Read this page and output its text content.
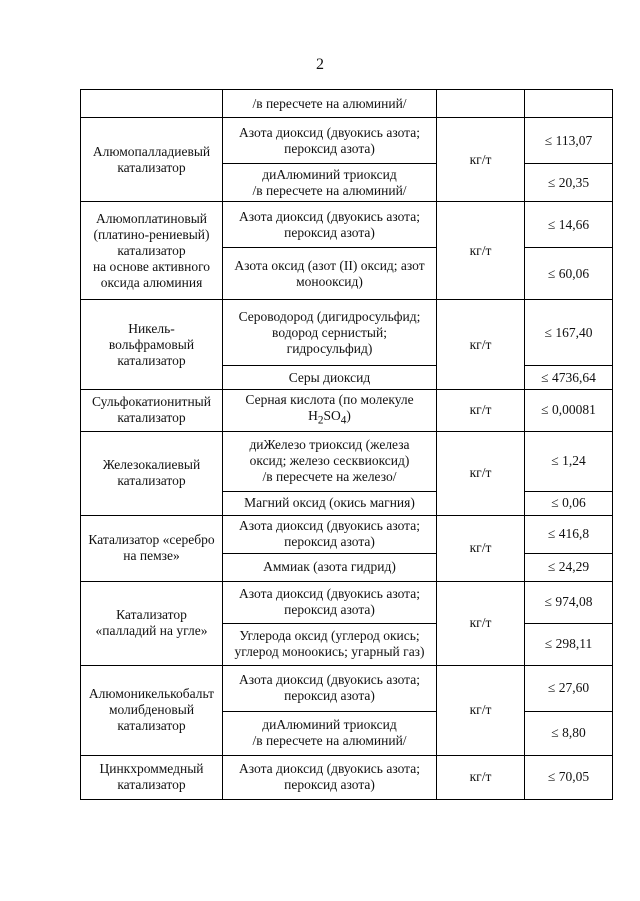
2
	/в пересчете на алюминий/		

Алюмопалладиевый
катализатор	Азота диоксид (двуокись азота;
пероксид азота)	кг/т	≤ 113,07

	диАлюминий триоксид
/в пересчете на алюминий/		≤ 20,35

Алюмоплатиновый
(платино-рениевый)
катализатор
на основе активного
оксида алюминия	Азота диоксид (двуокись азота;
пероксид азота)	кг/т	≤ 14,66

	Азота оксид (азот (II) оксид; азот
монооксид)		≤ 60,06

Никель-
вольфрамовый
катализатор	Сероводород (дигидросульфид;
водород сернистый;
гидросульфид)	кг/т	≤ 167,40

	Серы диоксид		≤ 4736,64

Сульфокатионитный
катализатор	Серная кислота (по молекуле
$H_2SO_4$)	кг/т	≤ 0,00081

Железокалиевый
катализатор	диЖелезо триоксид (железа
оксид; железо сесквиоксид)
/в пересчете на железо/	кг/т	≤ 1,24

	Магний оксид (окись магния)		≤ 0,06

Катализатор «серебро
на пемзе»	Азота диоксид (двуокись азота;
пероксид азота)	кг/т	≤ 416,8

	Аммиак (азота гидрид)		≤ 24,29

Катализатор
«палладий на угле»	Азота диоксид (двуокись азота;
пероксид азота)	кг/т	≤ 974,08

	Углерода оксид (углерод окись;
углерод моноокись; угарный газ)		≤ 298,11

Алюмоникелькобальт
молибденовый
катализатор	Азота диоксид (двуокись азота;
пероксид азота)	кг/т	≤ 27,60

	диАлюминий триоксид
/в пересчете на алюминий/		≤ 8,80

Цинкхроммедный
катализатор	Азота диоксид (двуокись азота;
пероксид азота)	кг/т	≤ 70,05
